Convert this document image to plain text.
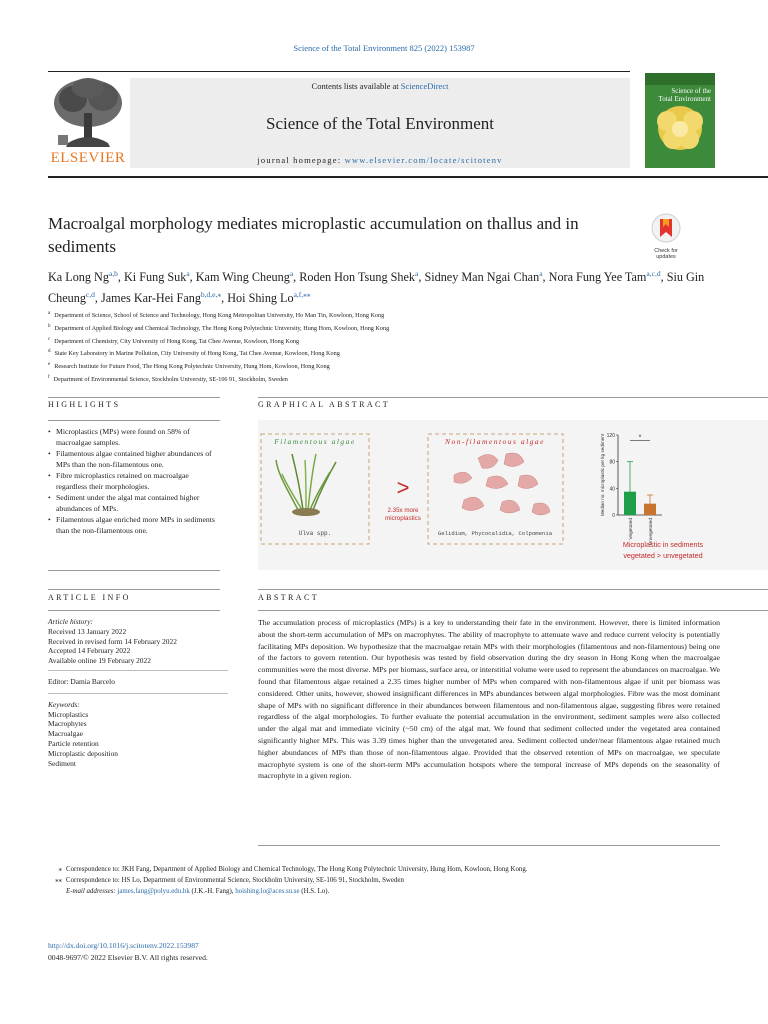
Science of the Total Environment 825 (2022) 153987
ELSEVIER
Contents lists available at ScienceDirect
Science of the Total Environment
journal homepage: www.elsevier.com/locate/scitotenv
Science of the
Total Environment
Macroalgal morphology mediates microplastic accumulation on thallus and in sediments	Check for
updates
Ka Long Ng$^{a,b}$, Ki Fung Suk$^a$, Kam Wing Cheung$^a$, Roden Hon Tsung Shek$^a$, Sidney Man Ngai Chan$^a$, Nora Fung Yee Tam$^{a,c,d}$, Siu Gin Cheung$^{c,d}$, James Kar-Hei Fang$^{b,d,e,⁎}$, Hoi Shing $Lo^{a,f,⁎⁎}$
$^a$ Department of Science, School of Science and Technology, Hong Kong Metropolitan University, Ho Man Tin, Kowloon, Hong Kong
$^b$ Department of Applied Biology and Chemical Technology, The Hong Kong Polytechnic University, Hung Hom, Kowloon, Hong Kong
$^c$ Department of Chemistry, City University of Hong Kong, Tat Chee Avenue, Kowloon, Hong Kong
$^d$ State Key Laboratory in Marine Pollution, City University of Hong Kong, Tat Chee Avenue, Kowloon, Hong Kong
$^e$ Research Institute for Future Food, The Hong Kong Polytechnic University, Hung Hom, Kowloon, Hong Kong
$^f$ Department of Environmental Science, Stockholm University, SE-106 91, Stockholm, Sweden
HIGHLIGHTS
• Microplastics (MPs) were found on 58% of macroalgae samples.
• Filamentous algae contained higher abundances of MPs than the non-filamentous one.
• Fibre microplastics retained on macroalgae regardless their morphologies.
• Sediment under the algal mat contained higher abundances of MPs.
• Filamentous algae enriched more MPs in sediments than the non-filamentous one.
GRAPHICAL ABSTRACT
Filamentous algae
Ulva spp.
>
2.35x more
microplastics
Non-filamentous algae
Gelidium, Phycocalidia, Colpomenia
0
40
80
120
Median no. microplastic per kg sediment
Vegetated	Unvegetated
*
Microplastic in sediments
vegetated > unvegetated
ARTICLE INFO
Article history:
Received 13 January 2022
Received in revised form 14 February 2022
Accepted 14 February 2022
Available online 19 February 2022
Editor: Damia Barcelo
Keywords:
Microplastics
Macrophytes
Macroalgae
Particle retention
Microplastic deposition
Sediment
ABSTRACT
The accumulation process of microplastics (MPs) is a key to understanding their fate in the environment. However, there is limited information about the short-term accumulation of MPs on macrophytes. The ability of macrophyte to attenuate wave and reduce current velocity is potentially facilitating MPs deposition. We hypothesize that the macroalgae retain MPs with their morphologies (filamentous and non-filamentous) being one of the factors to govern retention. Our hypothesis was tested by field observation during the dry season in Hong Kong when the macroalgae communities were the most diverse. MPs per biomass, surface area, or interstitial volume were used to represent the abundances on macroalgae. We found that filamentous algae retained a 2.35 times higher number of MPs when compared with non-filamentous algae if unit per biomass was considered. Other units, however, showed insignificant differences in MPs abundances between algal morphologies. Fibre was the most dominant shape of MPs with no significant difference in their abundances between filamentous and non-filamentous algae, suggesting fibres were retained regardless of the algal morphologies. To further evaluate the potential accumulation in the environment, sediment samples were also collected under the algal mat and immediate vicinity (~50 cm) of the algal mat. We found that sediment collected under the vegetated area contained significantly higher MPs. This was 3.39 times higher than the unvegetated area. Sediment collected under/near filamentous algae retained much higher abundances of MPs than those of non-filamentous algae. Provided that the observed retention of MPs on macroalgae, we speculate macrophyte system is one of the short-term MPs accumulation hotspots where the temporal increase of MPs depends on the seasonality of macrophyte in a given region.
⁎ Correspondence to: JKH Fang, Department of Applied Biology and Chemical Technology, The Hong Kong Polytechnic University, Hung Hom, Kowloon, Hong Kong.
⁎⁎ Correspondence to: HS Lo, Department of Environmental Science, Stockholm University, SE-106 91, Stockholm, Sweden
E-mail addresses: james.fang@polyu.edu.hk (J.K.-H. Fang), hoishing.lo@aces.su.se (H.S. Lo).
http://dx.doi.org/10.1016/j.scitotenv.2022.153987
0048-9697/© 2022 Elsevier B.V. All rights reserved.
